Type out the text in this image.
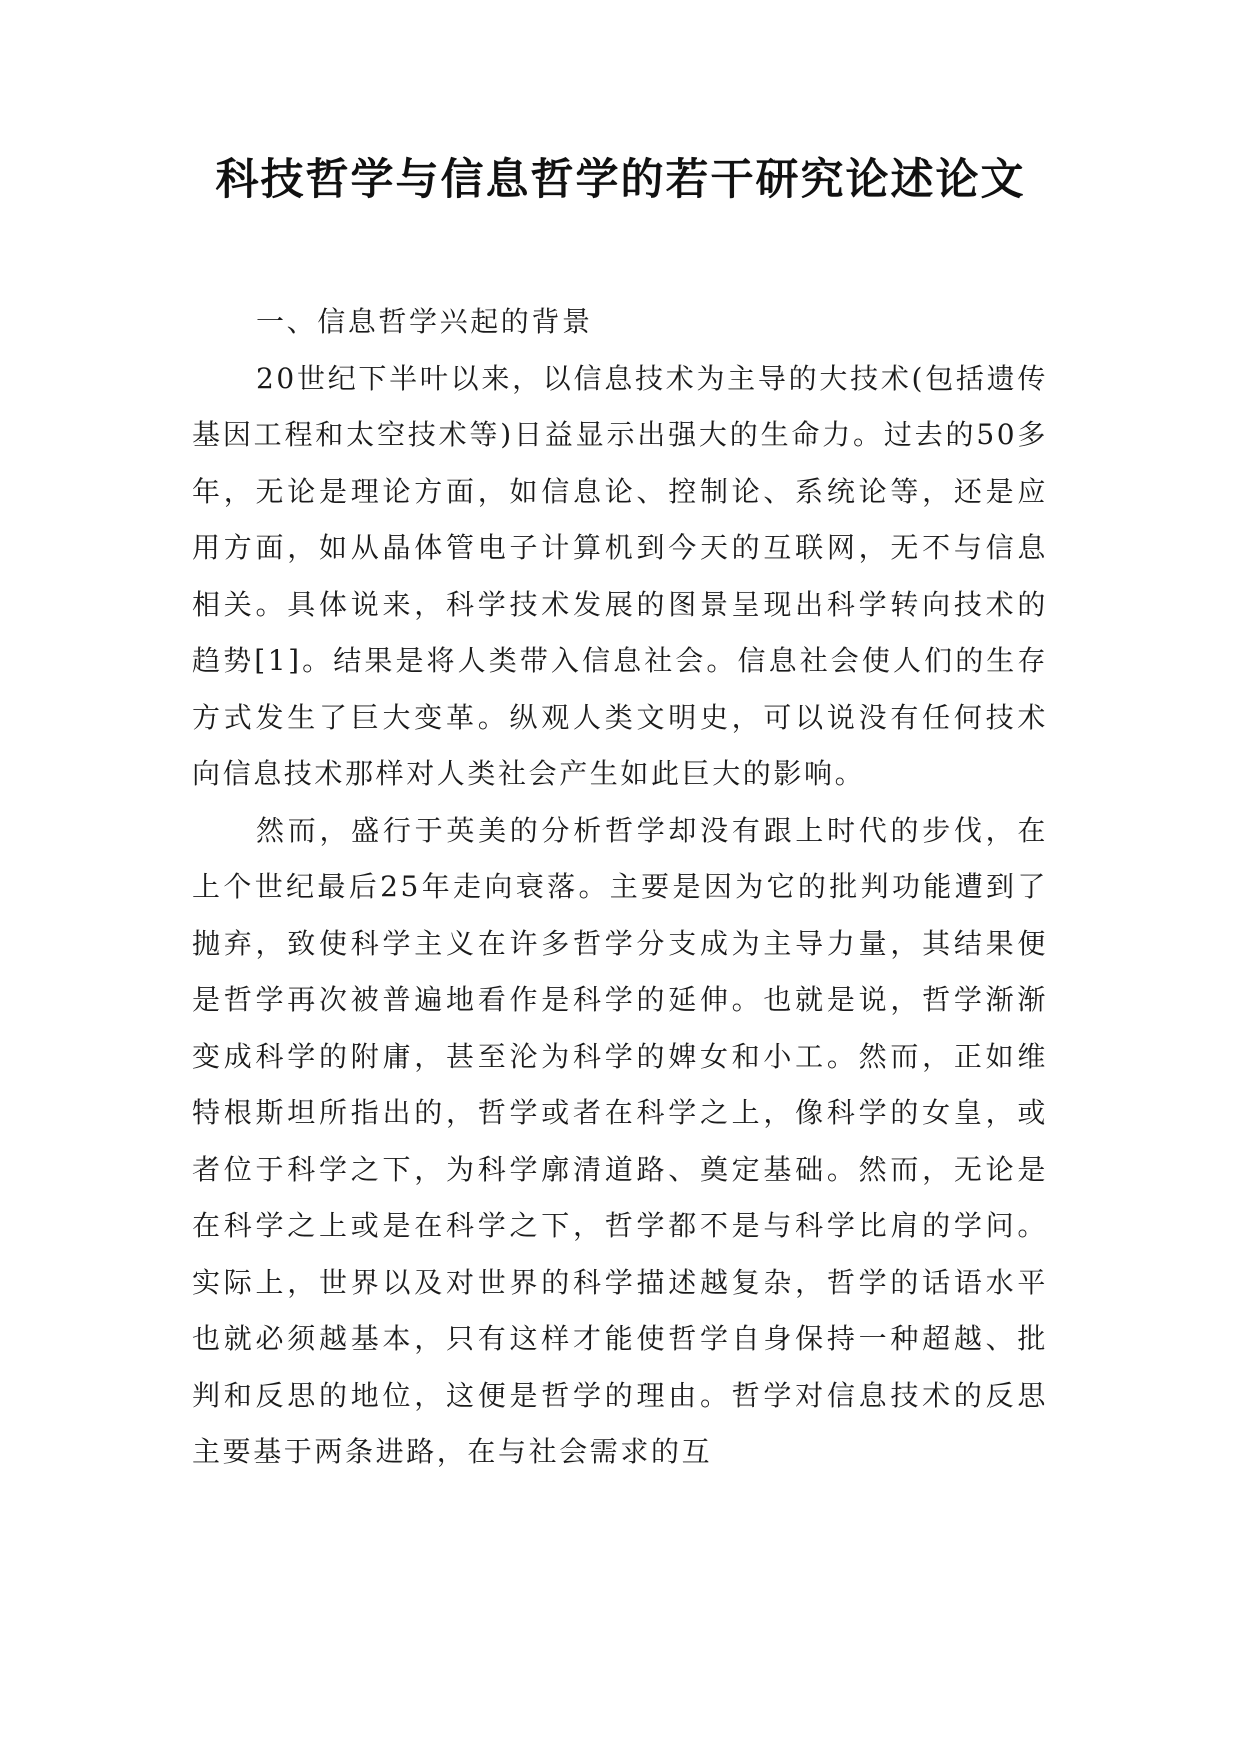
科技哲学与信息哲学的若干研究论述论文

一、信息哲学兴起的背景

20世纪下半叶以来，以信息技术为主导的大技术(包括遗传基因工程和太空技术等)日益显示出强大的生命力。过去的50多年，无论是理论方面，如信息论、控制论、系统论等，还是应用方面，如从晶体管电子计算机到今天的互联网，无不与信息相关。具体说来，科学技术发展的图景呈现出科学转向技术的趋势[1]。结果是将人类带入信息社会。信息社会使人们的生存方式发生了巨大变革。纵观人类文明史，可以说没有任何技术向信息技术那样对人类社会产生如此巨大的影响。

然而，盛行于英美的分析哲学却没有跟上时代的步伐，在上个世纪最后25年走向衰落。主要是因为它的批判功能遭到了抛弃，致使科学主义在许多哲学分支成为主导力量，其结果便是哲学再次被普遍地看作是科学的延伸。也就是说，哲学渐渐变成科学的附庸，甚至沦为科学的婢女和小工。然而，正如维特根斯坦所指出的，哲学或者在科学之上，像科学的女皇，或者位于科学之下，为科学廓清道路、奠定基础。然而，无论是在科学之上或是在科学之下，哲学都不是与科学比肩的学问。实际上，世界以及对世界的科学描述越复杂，哲学的话语水平也就必须越基本，只有这样才能使哲学自身保持一种超越、批判和反思的地位，这便是哲学的理由。哲学对信息技术的反思主要基于两条进路，在与社会需求的互
